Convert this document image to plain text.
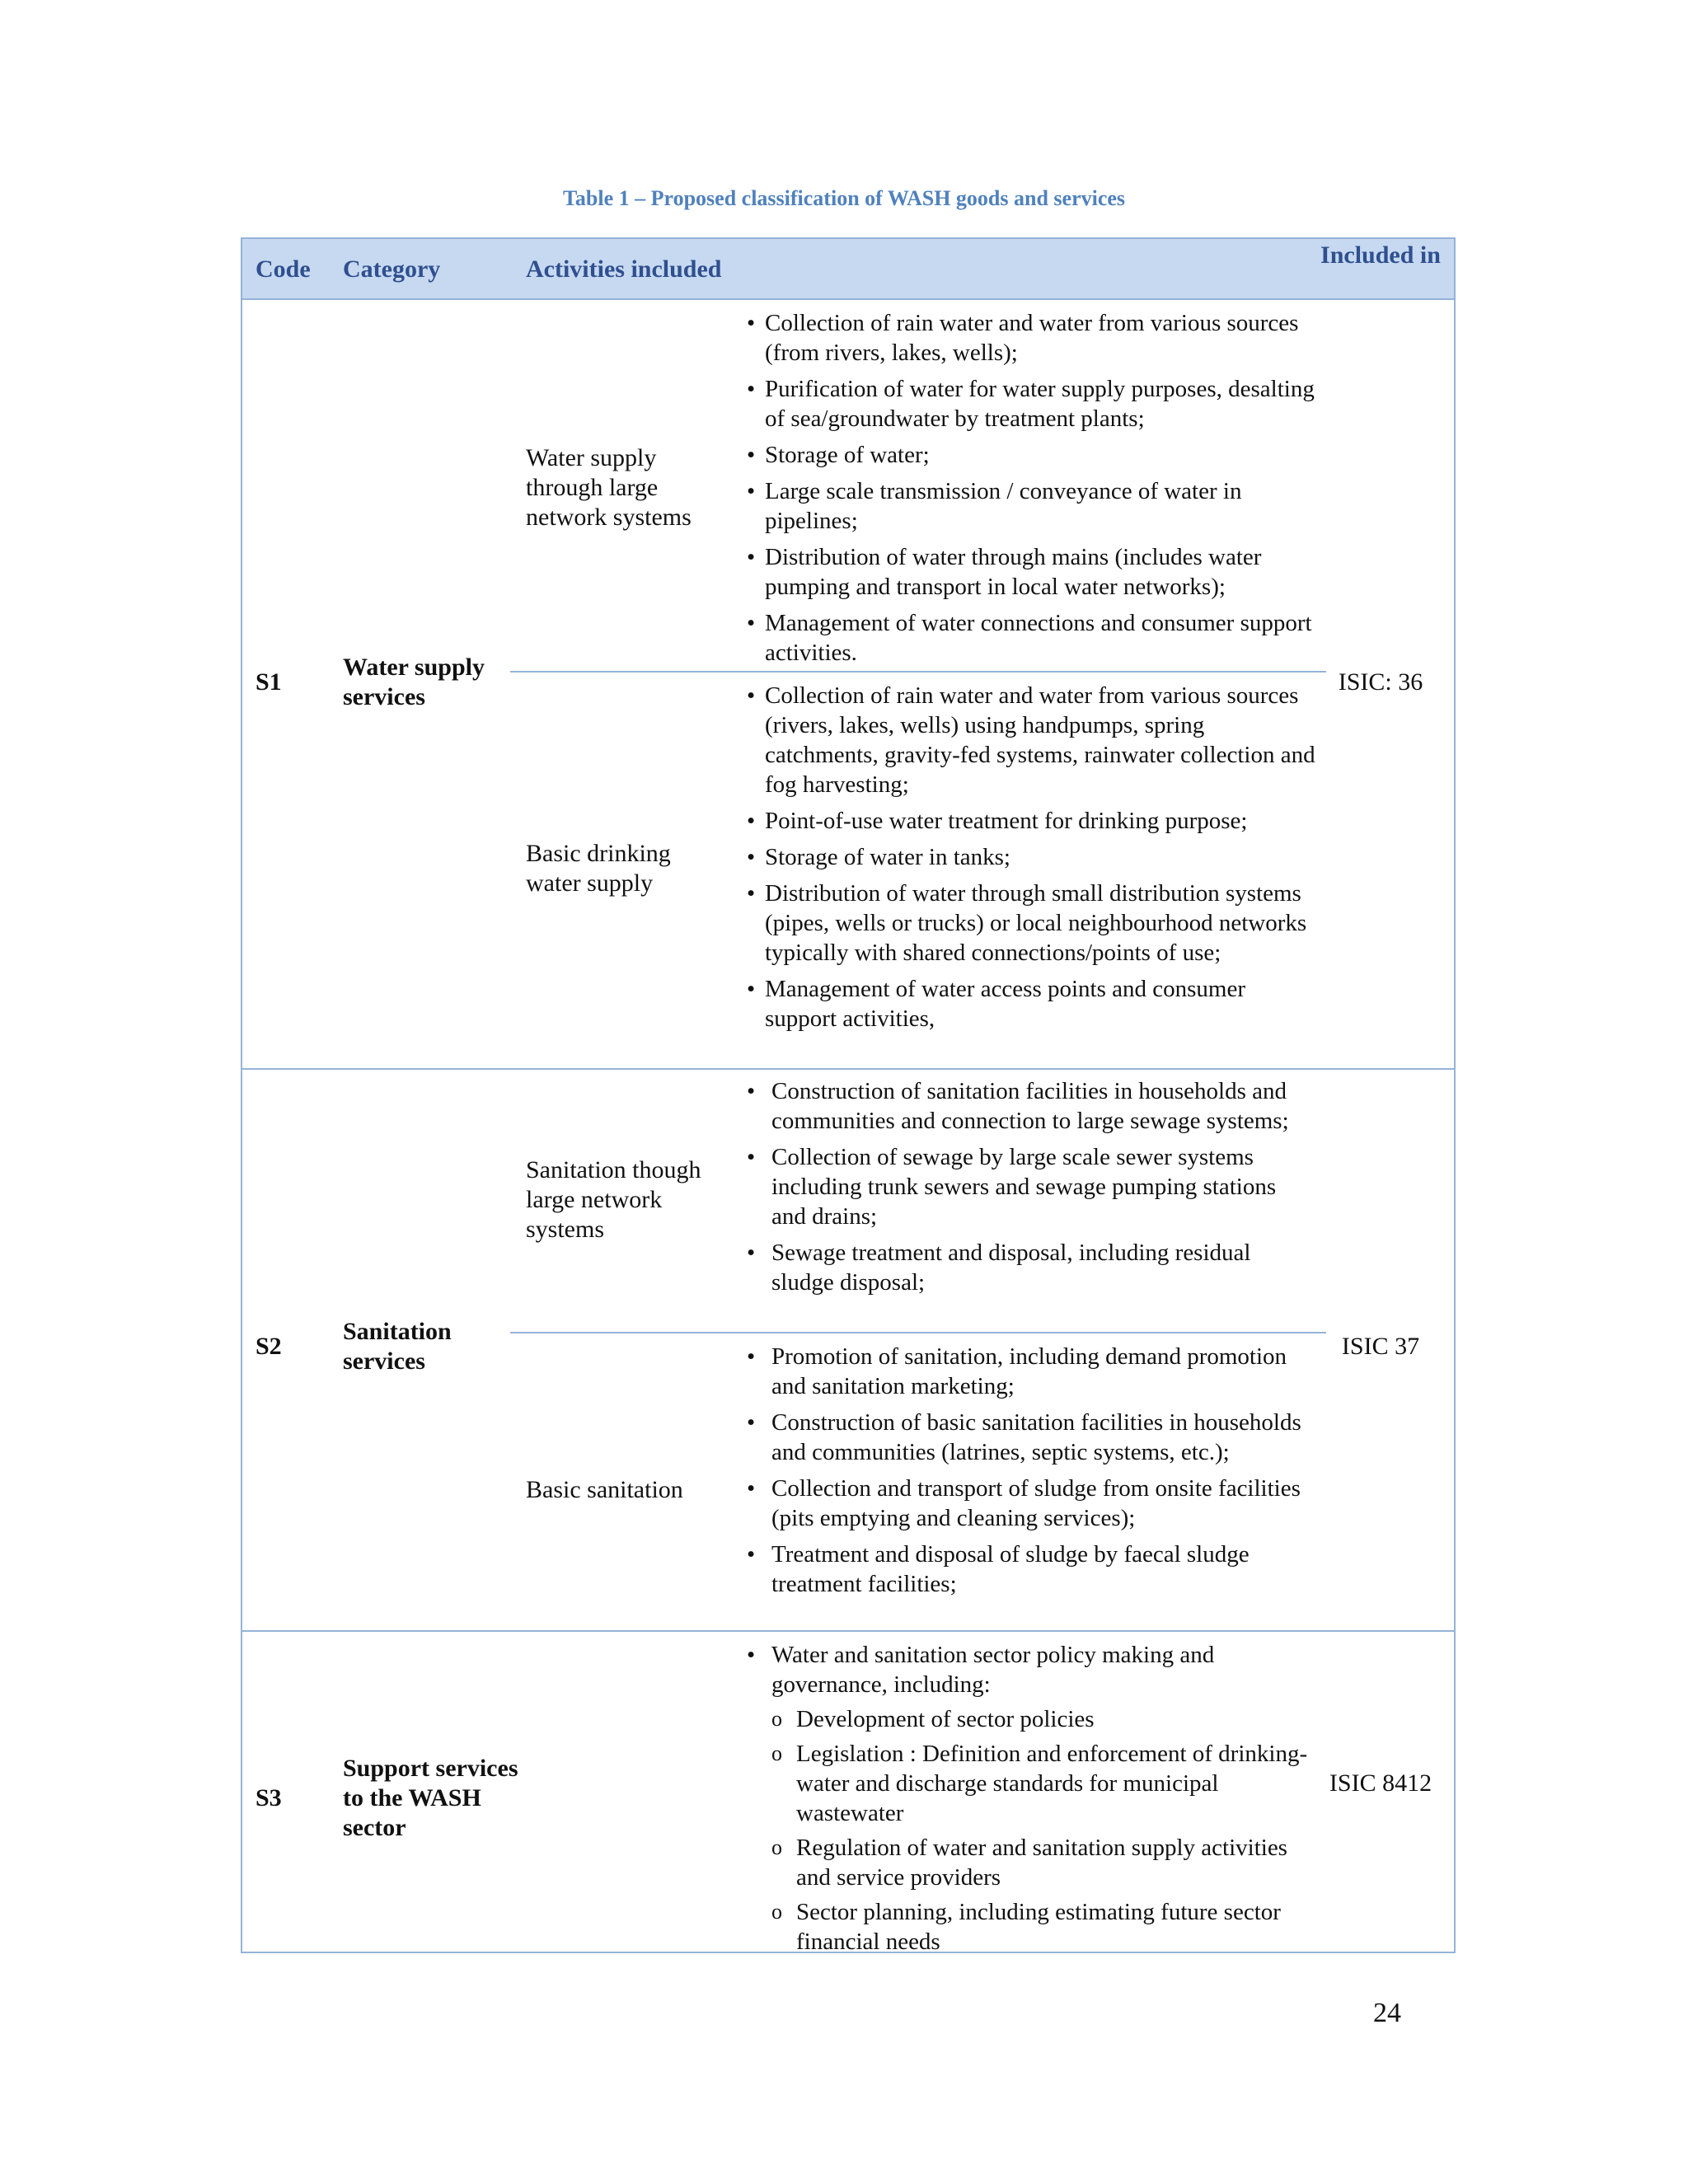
Table 1 – Proposed classification of WASH goods and services
Code Category	Activities included
Included in
S1
Water supply services
ISIC: 36
Water supply through large network systems
• Collection of rain water and water from various sources (from rivers, lakes, wells);
• Purification of water for water supply purposes, desalting of sea/groundwater by treatment plants;
• Storage of water;
• Large scale transmission / conveyance of water in pipelines;
• Distribution of water through mains (includes water pumping and transport in local water networks);
• Management of water connections and consumer support activities.
Basic drinking water supply
• Collection of rain water and water from various sources (rivers, lakes, wells) using handpumps, spring catchments, gravity-fed systems, rainwater collection and fog harvesting;
• Point-of-use water treatment for drinking purpose;
• Storage of water in tanks;
• Distribution of water through small distribution systems (pipes, wells or trucks) or local neighbourhood networks typically with shared connections/points of use;
• Management of water access points and consumer support activities,
S2
Sanitation services
ISIC 37
Sanitation though large network systems
• Construction of sanitation facilities in households and communities and connection to large sewage systems;
• Collection of sewage by large scale sewer systems including trunk sewers and sewage pumping stations and drains;
• Sewage treatment and disposal, including residual sludge disposal;
Basic sanitation
• Promotion of sanitation, including demand promotion and sanitation marketing;
• Construction of basic sanitation facilities in households and communities (latrines, septic systems, etc.);
• Collection and transport of sludge from onsite facilities (pits emptying and cleaning services);
• Treatment and disposal of sludge by faecal sludge treatment facilities;
S3
Support services to the WASH sector
ISIC 8412
• Water and sanitation sector policy making and governance, including:
o Development of sector policies
o Legislation : Definition and enforcement of drinking-water and discharge standards for municipal wastewater
o Regulation of water and sanitation supply activities and service providers
o Sector planning, including estimating future sector financial needs
24
